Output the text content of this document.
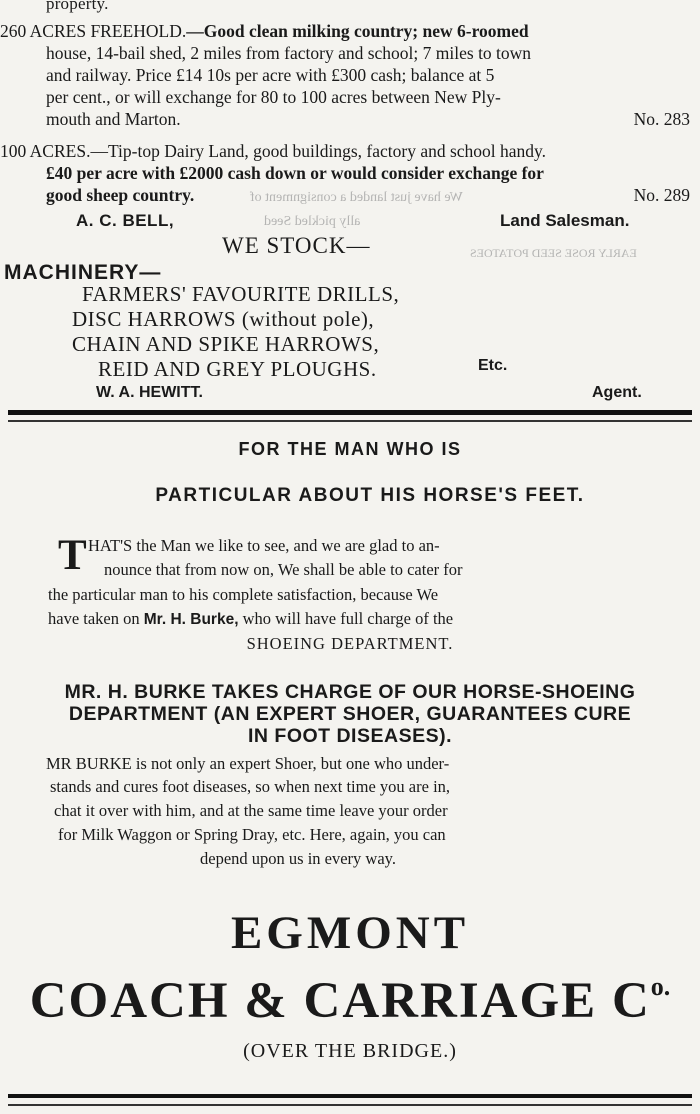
We have just landed a consignment of
ally pickled Seed
EARLY ROSE SEED POTATOES
property.
260 ACRES FREEHOLD.—Good clean milking country; new 6-roomed
house, 14-bail shed, 2 miles from factory and school; 7 miles to town
and railway. Price £14 10s per acre with £300 cash; balance at 5
per cent., or will exchange for 80 to 100 acres between New Ply-
mouth and Marton.	No. 283
100 ACRES.—Tip-top Dairy Land, good buildings, factory and school handy.
£40 per acre with £2000 cash down or would consider exchange for
good sheep country.	No. 289
A. C. BELL,	Land Salesman.
WE STOCK—
MACHINERY—
FARMERS' FAVOURITE DRILLS,
DISC HARROWS (without pole),
CHAIN AND SPIKE HARROWS,
REID AND GREY PLOUGHS.	Etc.
W. A. HEWITT.	Agent.
FOR THE MAN WHO IS
PARTICULAR ABOUT HIS HORSE'S FEET.
T HAT'S the Man we like to see, and we are glad to an-
nounce that from now on, We shall be able to cater for
the particular man to his complete satisfaction, because We
have taken on Mr. H. Burke, who will have full charge of the
SHOEING DEPARTMENT.
MR. H. BURKE TAKES CHARGE OF OUR HORSE-SHOEING
DEPARTMENT (AN EXPERT SHOER, GUARANTEES CURE
IN FOOT DISEASES).
MR BURKE is not only an expert Shoer, but one who under-
stands and cures foot diseases, so when next time you are in,
chat it over with him, and at the same time leave your order
for Milk Waggon or Spring Dray, etc. Here, again, you can
depend upon us in every way.
EGMONT
COACH & CARRIAGE $C^{o.}$
(OVER THE BRIDGE.)
